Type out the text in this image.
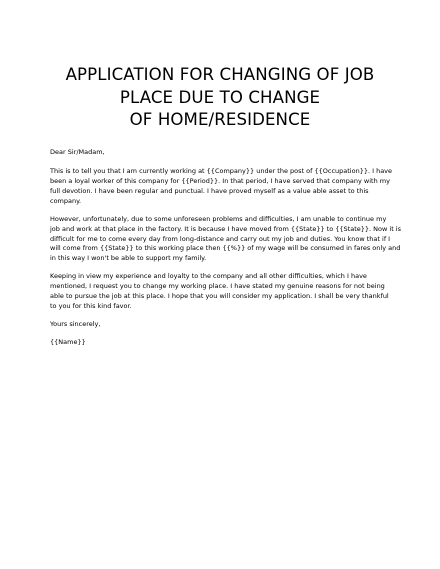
APPLICATION FOR CHANGING OF JOB
PLACE DUE TO CHANGE
OF HOME/RESIDENCE
Dear Sir/Madam,
This is to tell you that I am currently working at {{Company}} under the post of {{Occupation}}. I have
been a loyal worker of this company for {{Period}}. In that period, I have served that company with my
full devotion. I have been regular and punctual. I have proved myself as a value able asset to this
company.
However, unfortunately, due to some unforeseen problems and difficulties, I am unable to continue my
job and work at that place in the factory. It is because I have moved from {{State}} to {{State}}. Now it is
difficult for me to come every day from long-distance and carry out my job and duties. You know that if I
will come from {{State}} to this working place then {{%}} of my wage will be consumed in fares only and
in this way I won't be able to support my family.
Keeping in view my experience and loyalty to the company and all other difficulties, which I have
mentioned, I request you to change my working place. I have stated my genuine reasons for not being
able to pursue the job at this place. I hope that you will consider my application. I shall be very thankful
to you for this kind favor.
Yours sincerely,
{{Name}}
